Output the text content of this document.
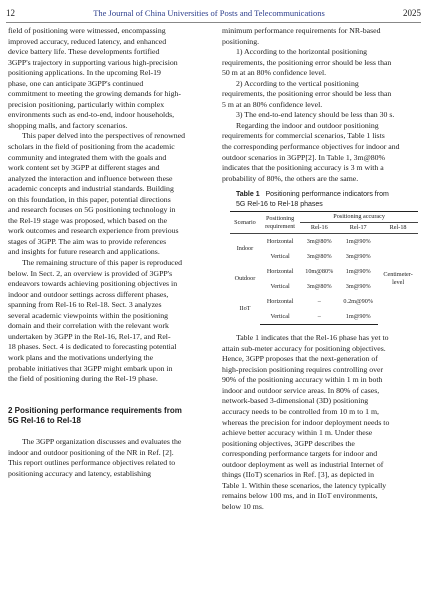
12	The Journal of China Universities of Posts and Telecommunications	2025

field of positioning were witnessed, encompassing

improved accuracy, reduced latency, and enhanced

device battery life. These developments fortified

3GPP's trajectory in supporting various high-precision

positioning applications. In the upcoming Rel-19

phase, one can anticipate 3GPP's continued

commitment to meeting the growing demands for high-

precision positioning, particularly within complex

environments such as end-to-end, indoor households,

shopping malls, and factory scenarios.

This paper delved into the perspectives of renowned

scholars in the field of positioning from the academic

community and integrated them with the goals and

work content set by 3GPP at different stages and

analyzed the interaction and influence between these

academic concepts and industrial standards. Building

on this foundation, in this paper, potential directions

and research focuses on 5G positioning technology in

the Rel-19 stage was proposed, which based on the

work outcomes and research experience from previous

stages of 3GPP. The aim was to provide references

and insights for future research and applications.

The remaining structure of this paper is reproduced

below. In Sect. 2, an overview is provided of 3GPP's

endeavors towards achieving positioning objectives in

indoor and outdoor settings across different phases,

spanning from Rel-16 to Rel-18. Sect. 3 analyzes

several academic viewpoints within the positioning

domain and their correlation with the relevant work

undertaken by 3GPP in the Rel-16, Rel-17, and Rel-

18 phases. Sect. 4 is dedicated to forecasting potential

work plans and the motivations underlying the

probable initiatives that 3GPP might embark upon in

the field of positioning during the Rel-19 phase.

2 Positioning performance requirements from

5G Rel-16 to Rel-18

The 3GPP organization discusses and evaluates the

indoor and outdoor positioning of the NR in Ref. [2].

This report outlines performance objectives related to

positioning accuracy and latency, establishing

minimum performance requirements for NR-based

positioning.

1) According to the horizontal positioning

requirements, the positioning error should be less than

50 m at an 80% confidence level.

2) According to the vertical positioning

requirements, the positioning error should be less than

5 m at an 80% confidence level.

3) The end-to-end latency should be less than 30 s.

Regarding the indoor and outdoor positioning

requirements for commercial scenarios, Table 1 lists

the corresponding performance objectives for indoor and

outdoor scenarios in 3GPP[2]. In Table 1, 3m@80%

indicates that the positioning accuracy is 3 m with a

probability of 80%, the others are the same.

Table 1 Positioning performance indicators from
5G Rel-16 to Rel-18 phases
Scenario	Positioning
requirement	Positioning accuracy		
		Rel-16	Rel-17	Rel-18
Indoor	Horizontal	3m@80%	1m@90%	Centimeter-
level
	Vertical	3m@80%	3m@90%	
Outdoor	Horizontal	10m@80%	1m@90%	
	Vertical	3m@80%	3m@90%	
IIoT	Horizontal	–	0.2m@90%	
	Vertical	–	1m@90%	

Table 1 indicates that the Rel-16 phase has yet to

attain sub-meter accuracy for positioning objectives.

Hence, 3GPP proposes that the next-generation of

high-precision positioning requires controlling over

90% of the positioning accuracy within 1 m in both

indoor and outdoor service areas. In 80% of cases,

network-based 3-dimensional (3D) positioning

accuracy needs to be controlled from 10 m to 1 m,

whereas the precision for indoor deployment needs to

achieve better accuracy within 1 m. Under these

positioning objectives, 3GPP describes the

corresponding performance targets for indoor and

outdoor deployment as well as industrial Internet of

things (IIoT) scenarios in Ref. [3], as depicted in

Table 1. Within these scenarios, the latency typically

remains below 100 ms, and in IIoT environments,

below 10 ms.
